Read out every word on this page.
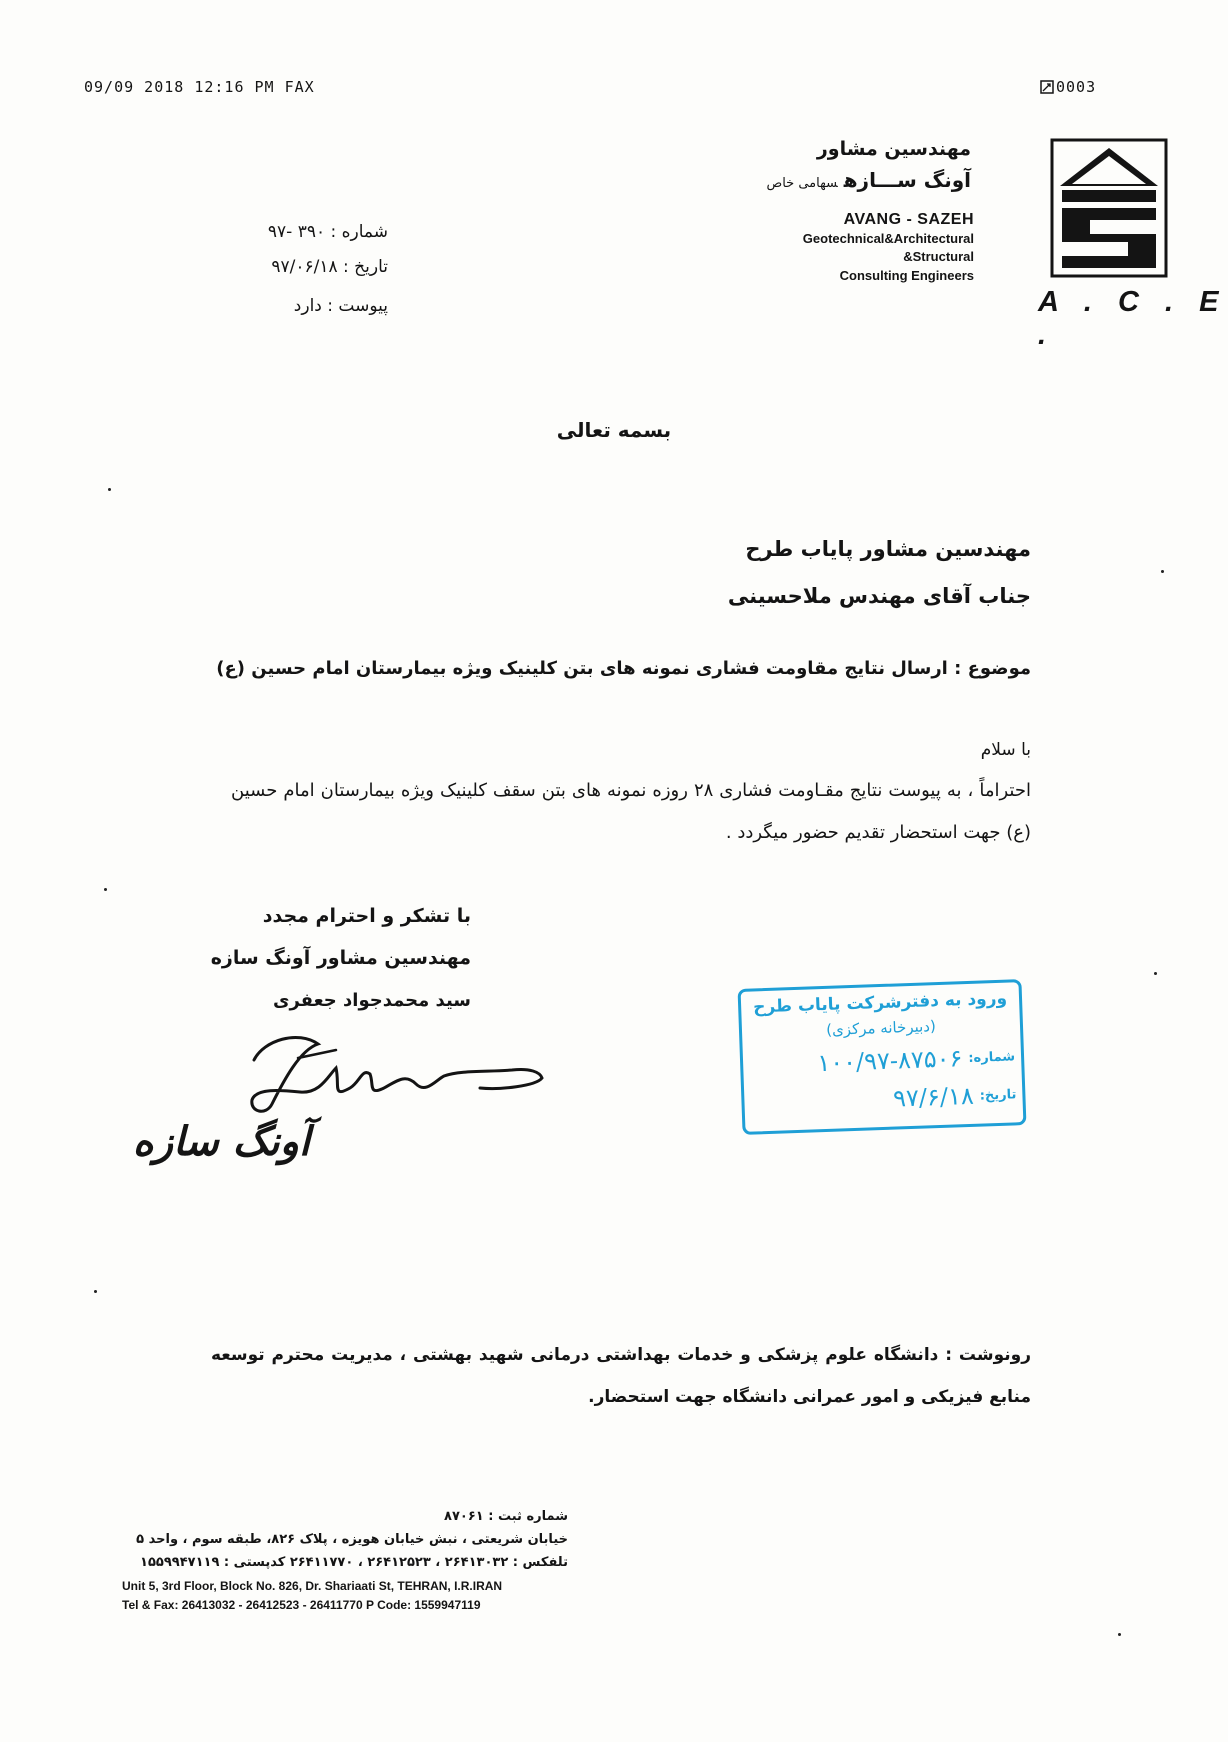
09/09 2018 12:16 PM FAX	0003
مهندسین مشاور
آونگ ســـازهسهامی خاص
AVANG - SAZEH
Geotechnical&Architectural
&Structural
Consulting Engineers
A . C . E .
شماره : ۳۹۰ -۹۷
تاریخ : ۹۷/۰۶/۱۸
پیوست : دارد
بسمه تعالی
مهندسین مشاور پایاب طرح
جناب آقای مهندس ملاحسینی
موضوع : ارسال نتایج مقاومت فشاری نمونه های بتن کلینیک ویژه بیمارستان امام حسین (ع)
با سلام
احتراماً ، به پیوست نتایج مقـاومت فشاری ۲۸ روزه نمونه های بتن سقف کلینیک ویژه بیمارستان امام حسین (ع) جهت استحضار تقدیم حضور میگردد .
با تشکر و احترام مجدد
مهندسین مشاور آونگ سازه
سید محمدجواد جعفری
آونگ سازه
ورود به دفترشرکت پایاب طرح
(دبیرخانه مرکزی)
شماره:
۱۰۰/۹۷-۸۷۵۰۶
تاریخ:
۹۷/۶/۱۸
رونوشت : دانشگاه علوم پزشکی و خدمات بهداشتی درمانی شهید بهشتی ، مدیریت محترم توسعه منابع فیزیکی و امور عمرانی دانشگاه جهت استحضار.
شماره ثبت : ۸۷۰۶۱
خیابان شریعتی ، نبش خیابان هویزه ، پلاک ۸۲۶، طبقه سوم ، واحد ۵
تلفکس : ۲۶۴۱۳۰۳۲ ، ۲۶۴۱۲۵۲۳ ، ۲۶۴۱۱۷۷۰ کدپستی : ۱۵۵۹۹۴۷۱۱۹
Unit 5, 3rd Floor, Block No. 826, Dr. Shariaati St, TEHRAN, I.R.IRAN
Tel & Fax: 26413032 - 26412523 - 26411770 P Code: 1559947119
